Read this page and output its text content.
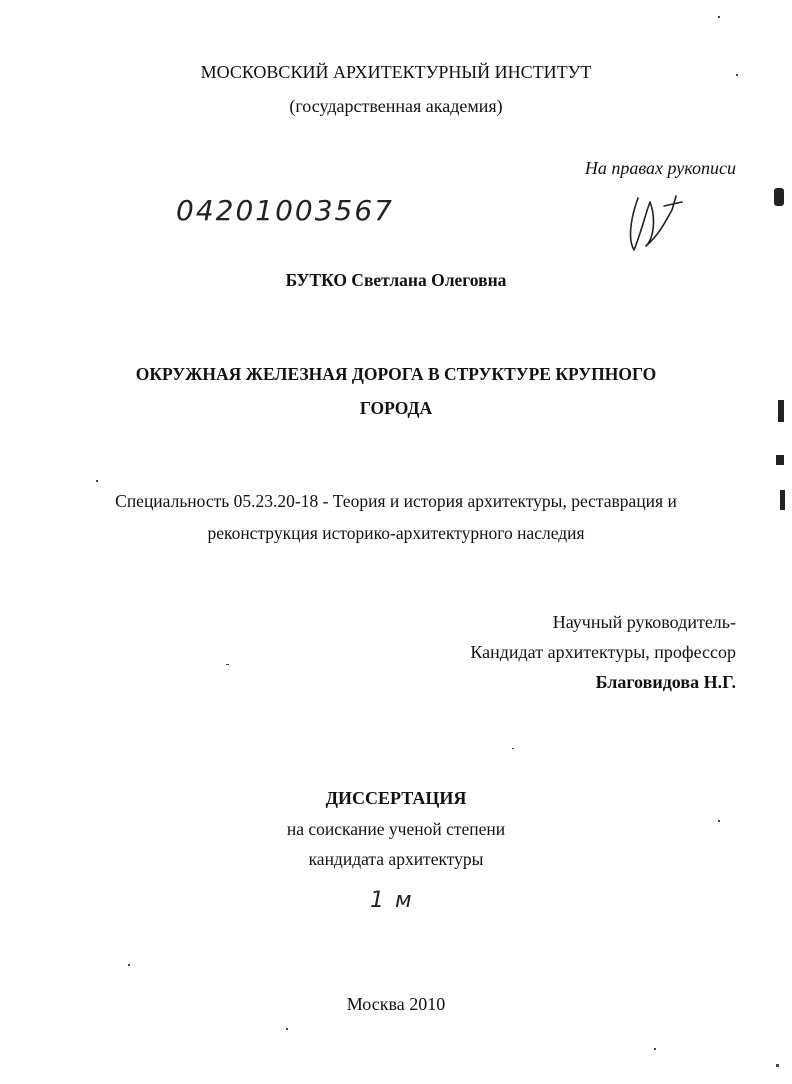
МОСКОВСКИЙ АРХИТЕКТУРНЫЙ ИНСТИТУТ
(государственная академия)
На правах рукописи
04201003567
БУТКО Светлана Олеговна
ОКРУЖНАЯ ЖЕЛЕЗНАЯ ДОРОГА В СТРУКТУРЕ КРУПНОГО
ГОРОДА
Специальность 05.23.20-18 - Теория и история архитектуры, реставрация и
реконструкция историко-архитектурного наследия
Научный руководитель-
Кандидат архитектуры, профессор
Благовидова Н.Г.
ДИССЕРТАЦИЯ
на соискание ученой степени
кандидата архитектуры
1 м
Москва 2010
